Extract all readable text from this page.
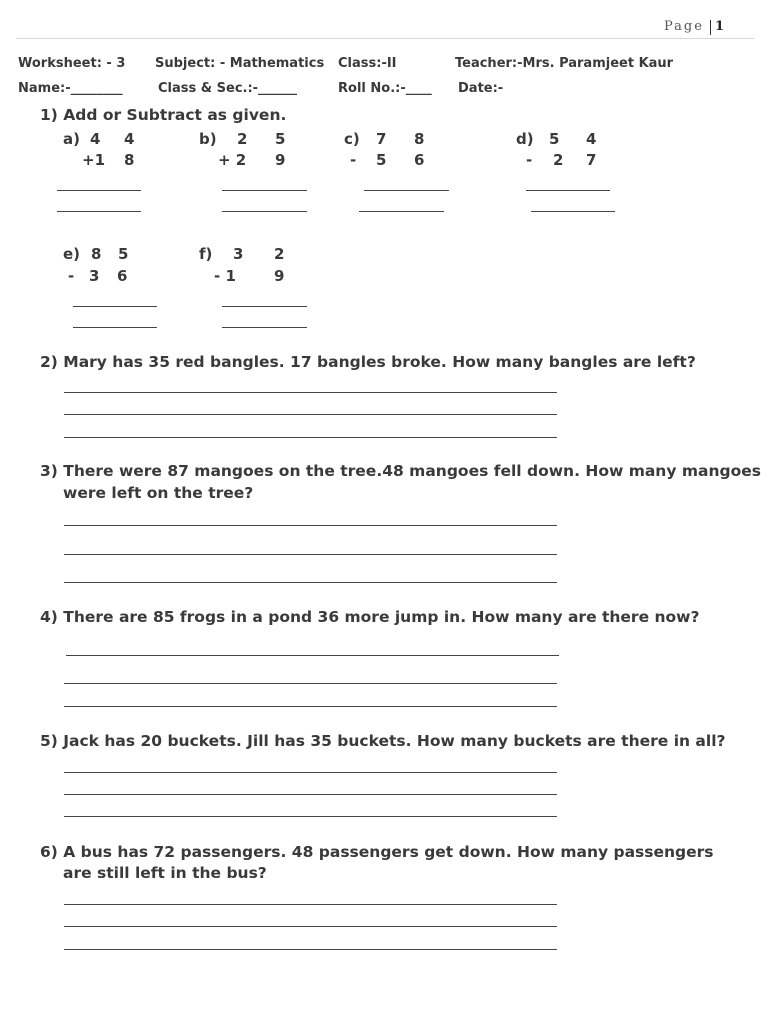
Page 1
Worksheet: - 3 Subject: - Mathematics Class:-II	Teacher:-Mrs. Paramjeet Kaur
Name:-________	Class & Sec.:-______	Roll No.:-____ Date:-
1) Add or Subtract as given.
a) 4 4
+1 8
b) 2 5
+ 2 9
c) 7 8
- 5 6
d) 5 4
- 2 7
e) 8 5
- 3 6
f) 3 2
- 1	9
2) Mary has 35 red bangles. 17 bangles broke. How many bangles are left?
3) There were 87 mangoes on the tree.48 mangoes fell down. How many mangoes
were left on the tree?
4) There are 85 frogs in a pond 36 more jump in. How many are there now?
5) Jack has 20 buckets. Jill has 35 buckets. How many buckets are there in all?
6) A bus has 72 passengers. 48 passengers get down. How many passengers
are still left in the bus?
